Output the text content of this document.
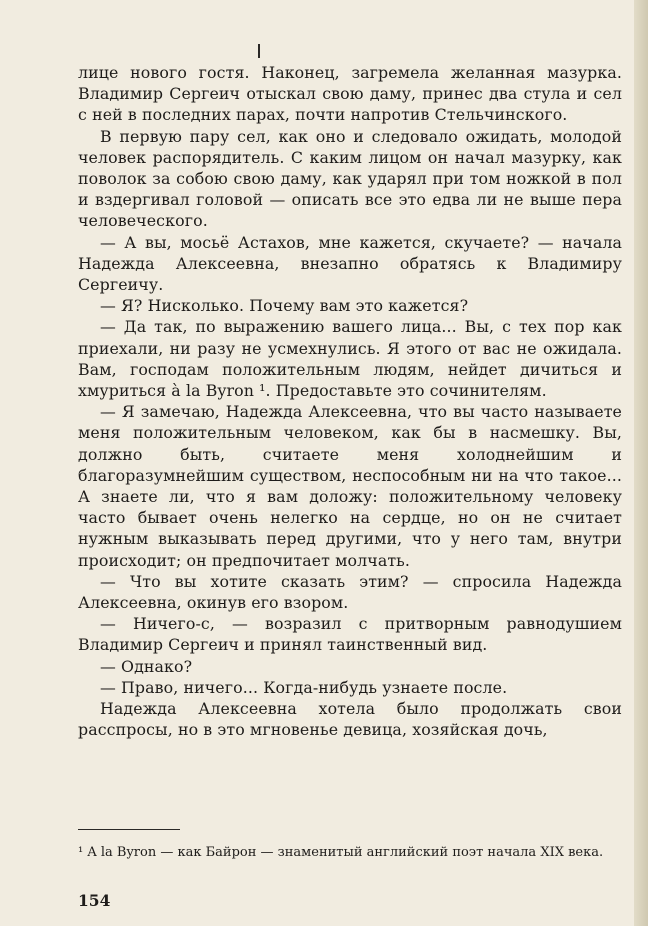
лице нового гостя. Наконец, загремела желанная мазурка. Владимир Сергеич отыскал свою даму, принес два стула и сел с ней в последних парах, почти напротив Стельчинского.

В первую пару сел, как оно и следовало ожидать, молодой человек распорядитель. С каким лицом он начал мазурку, как поволок за собою свою даму, как ударял при том ножкой в пол и вздергивал головой — описать все это едва ли не выше пера человеческого.

— А вы, мосьё Астахов, мне кажется, скучаете? — начала Надежда Алексеевна, внезапно обратясь к Владимиру Сергеичу.

— Я? Нисколько. Почему вам это кажется?

— Да так, по выражению вашего лица... Вы, с тех пор как приехали, ни разу не усмехнулись. Я этого от вас не ожидала. Вам, господам положительным людям, нейдет дичиться и хмуриться à la Byron ¹. Предоставьте это сочинителям.

— Я замечаю, Надежда Алексеевна, что вы часто называете меня положительным человеком, как бы в насмешку. Вы, должно быть, считаете меня холоднейшим и благоразумнейшим существом, неспособным ни на что такое... А знаете ли, что я вам доложу: положительному человеку часто бывает очень нелегко на сердце, но он не считает нужным выказывать перед другими, что у него там, внутри происходит; он предпочитает молчать.

— Что вы хотите сказать этим? — спросила Надежда Алексеевна, окинув его взором.

— Ничего-с, — возразил с притворным равнодушием Владимир Сергеич и принял таинственный вид.

— Однако?

— Право, ничего... Когда-нибудь узнаете после.

Надежда Алексеевна хотела было продолжать свои расспросы, но в это мгновенье девица, хозяйская дочь,

¹ A la Byron — как Байрон — знаменитый английский поэт начала XIX века.
154
